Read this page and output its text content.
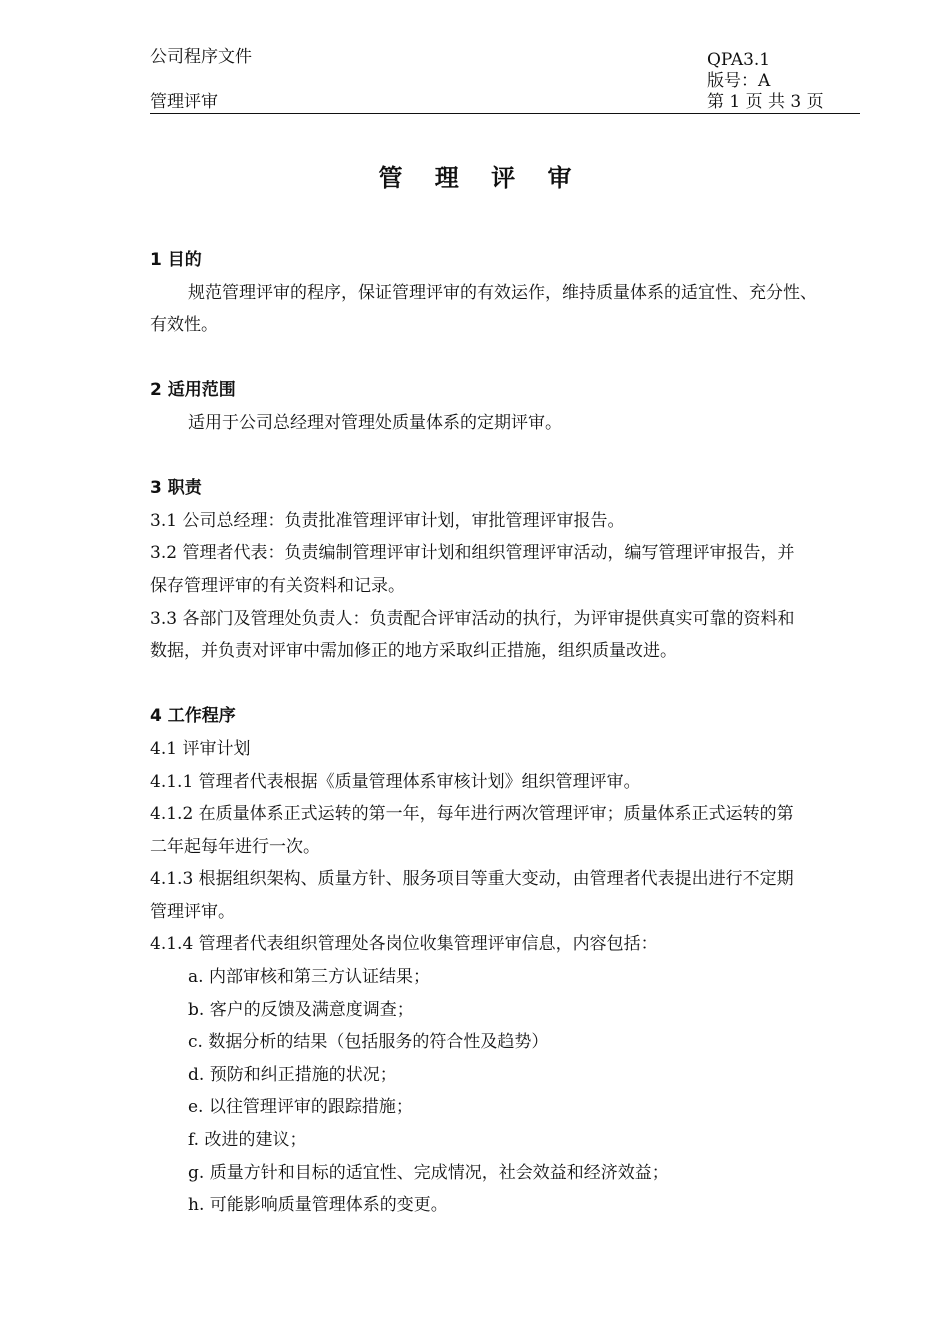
公司程序文件	QPA3.1
版号：A
管理评审	第 1 页 共 3 页
管 理 评 审
1 目的
规范管理评审的程序，保证管理评审的有效运作，维持质量体系的适宜性、充分性、
有效性。
2 适用范围
适用于公司总经理对管理处质量体系的定期评审。
3 职责
3.1 公司总经理：负责批准管理评审计划，审批管理评审报告。
3.2 管理者代表：负责编制管理评审计划和组织管理评审活动，编写管理评审报告，并
保存管理评审的有关资料和记录。
3.3 各部门及管理处负责人：负责配合评审活动的执行，为评审提供真实可靠的资料和
数据，并负责对评审中需加修正的地方采取纠正措施，组织质量改进。
4 工作程序
4.1 评审计划
4.1.1 管理者代表根据《质量管理体系审核计划》组织管理评审。
4.1.2 在质量体系正式运转的第一年，每年进行两次管理评审；质量体系正式运转的第
二年起每年进行一次。
4.1.3 根据组织架构、质量方针、服务项目等重大变动，由管理者代表提出进行不定期
管理评审。
4.1.4 管理者代表组织管理处各岗位收集管理评审信息，内容包括：
a. 内部审核和第三方认证结果；
b. 客户的反馈及满意度调查；
c. 数据分析的结果（包括服务的符合性及趋势）
d. 预防和纠正措施的状况；
e. 以往管理评审的跟踪措施；
f. 改进的建议；
g. 质量方针和目标的适宜性、完成情况，社会效益和经济效益；
h. 可能影响质量管理体系的变更。
